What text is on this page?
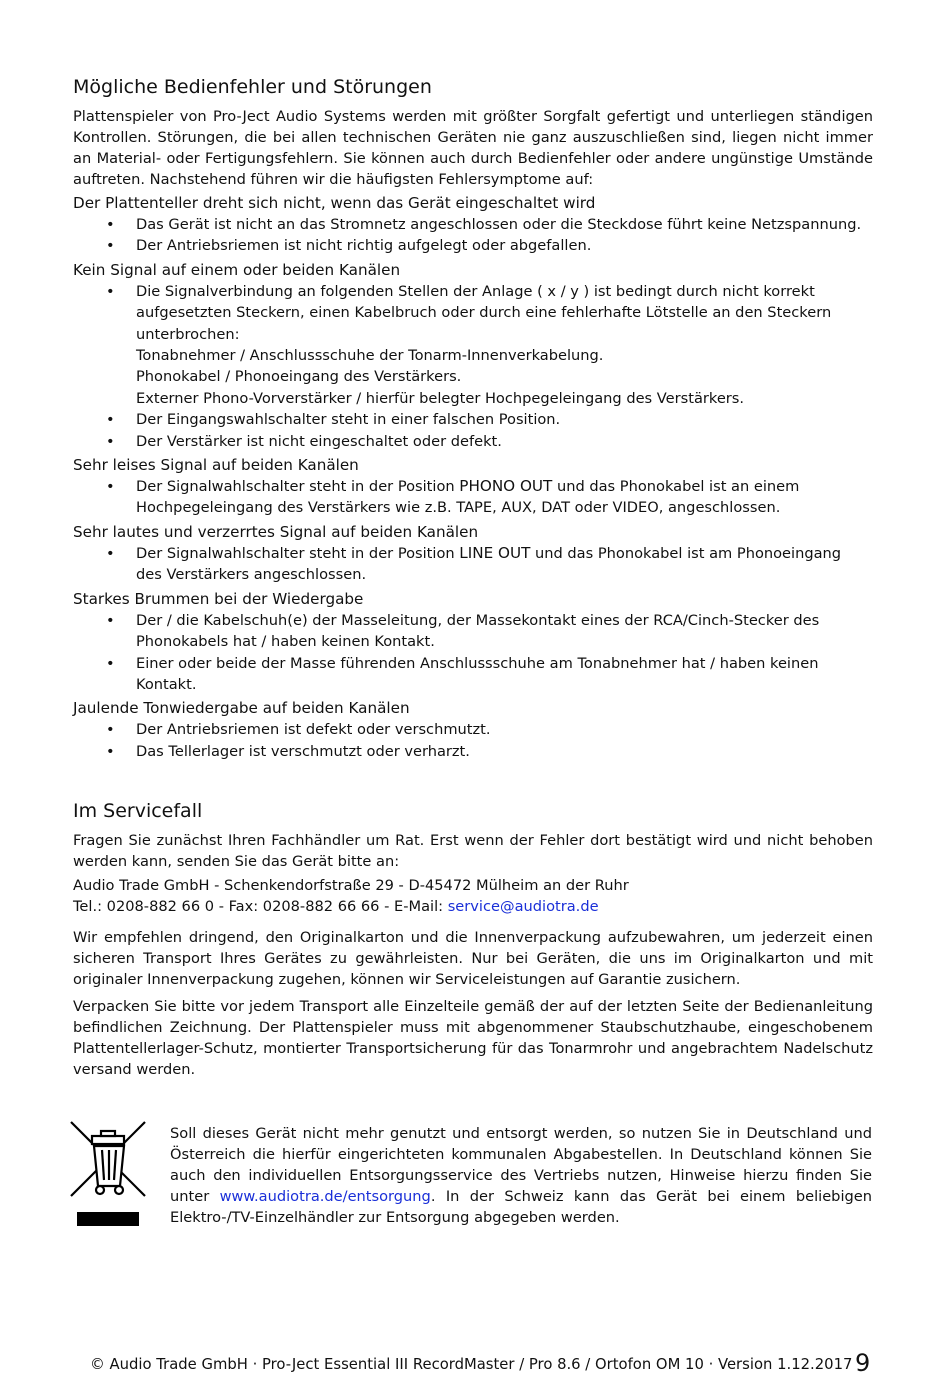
Mögliche Bedienfehler und Störungen

Plattenspieler von Pro-Ject Audio Systems werden mit größter Sorgfalt gefertigt und unterliegen ständigen Kontrollen. Störungen, die bei allen technischen Geräten nie ganz auszuschließen sind, liegen nicht immer an Material- oder Fertigungsfehlern. Sie können auch durch Bedienfehler oder andere ungünstige Umstände auftreten. Nachstehend führen wir die häufigsten Fehlersymptome auf:

Der Plattenteller dreht sich nicht, wenn das Gerät eingeschaltet wird

• Das Gerät ist nicht an das Stromnetz angeschlossen oder die Steckdose führt keine Netzspannung.
• Der Antriebsriemen ist nicht richtig aufgelegt oder abgefallen.

Kein Signal auf einem oder beiden Kanälen

• Die Signalverbindung an folgenden Stellen der Anlage ( x / y ) ist bedingt durch nicht korrekt
aufgesetzten Steckern, einen Kabelbruch oder durch eine fehlerhafte Lötstelle an den Steckern
unterbrochen:
Tonabnehmer / Anschlussschuhe der Tonarm-Innenverkabelung.
Phonokabel / Phonoeingang des Verstärkers.
Externer Phono-Vorverstärker / hierfür belegter Hochpegeleingang des Verstärkers.
• Der Eingangswahlschalter steht in einer falschen Position.
• Der Verstärker ist nicht eingeschaltet oder defekt.

Sehr leises Signal auf beiden Kanälen

• Der Signalwahlschalter steht in der Position PHONO OUT und das Phonokabel ist an einem
Hochpegeleingang des Verstärkers wie z.B. TAPE, AUX, DAT oder VIDEO, angeschlossen.

Sehr lautes und verzerrtes Signal auf beiden Kanälen

• Der Signalwahlschalter steht in der Position LINE OUT und das Phonokabel ist am Phonoeingang
des Verstärkers angeschlossen.

Starkes Brummen bei der Wiedergabe

• Der / die Kabelschuh(e) der Masseleitung, der Massekontakt eines der RCA/Cinch-Stecker des
Phonokabels hat / haben keinen Kontakt.
• Einer oder beide der Masse führenden Anschlussschuhe am Tonabnehmer hat / haben keinen Kontakt.

Jaulende Tonwiedergabe auf beiden Kanälen

• Der Antriebsriemen ist defekt oder verschmutzt.
• Das Tellerlager ist verschmutzt oder verharzt.
Im Servicefall

Fragen Sie zunächst Ihren Fachhändler um Rat. Erst wenn der Fehler dort bestätigt wird und nicht behoben werden kann, senden Sie das Gerät bitte an:

Audio Trade GmbH - Schenkendorfstraße 29 - D-45472 Mülheim an der Ruhr

Tel.: 0208-882 66 0 - Fax: 0208-882 66 66 - E-Mail: service@audiotra.de

Wir empfehlen dringend, den Originalkarton und die Innenverpackung aufzubewahren, um jederzeit einen sicheren Transport Ihres Gerätes zu gewährleisten. Nur bei Geräten, die uns im Originalkarton und mit originaler Innenverpackung zugehen, können wir Serviceleistungen auf Garantie zusichern.

Verpacken Sie bitte vor jedem Transport alle Einzelteile gemäß der auf der letzten Seite der Bedienanleitung befindlichen Zeichnung. Der Plattenspieler muss mit abgenommener Staubschutzhaube, eingeschobenem Plattentellerlager-Schutz, montierter Transportsicherung für das Tonarmrohr und angebrachtem Nadelschutz versand werden.

Soll dieses Gerät nicht mehr genutzt und entsorgt werden, so nutzen Sie in Deutschland und Österreich die hierfür eingerichteten kommunalen Abgabestellen. In Deutschland können Sie auch den individuellen Entsorgungsservice des Vertriebs nutzen, Hinweise hierzu finden Sie unter www.audiotra.de/entsorgung. In der Schweiz kann das Gerät bei einem beliebigen Elektro-/TV-Einzelhändler zur Entsorgung abgegeben werden.

© Audio Trade GmbH · Pro-Ject Essential III RecordMaster / Pro 8.6 / Ortofon OM 10 · Version 1.12.2017 9
